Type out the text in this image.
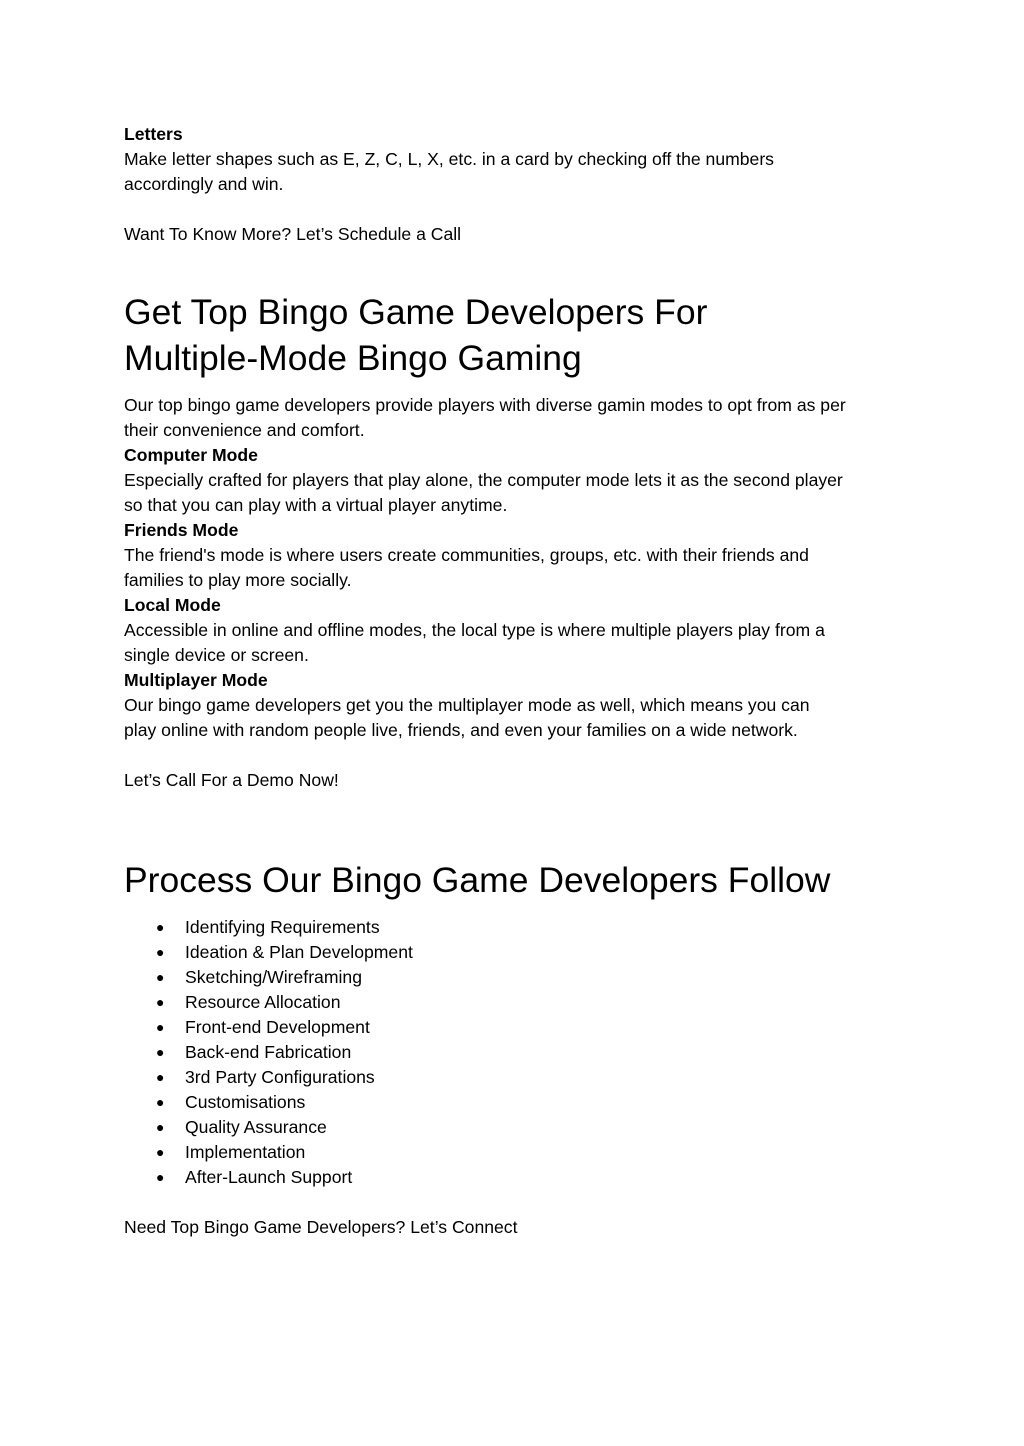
Letters

Make letter shapes such as E, Z, C, L, X, etc. in a card by checking off the numbers

accordingly and win.

Want To Know More? Let’s Schedule a Call

Get Top Bingo Game Developers For
Multiple-Mode Bingo Gaming

Our top bingo game developers provide players with diverse gamin modes to opt from as per

their convenience and comfort.

Computer Mode

Especially crafted for players that play alone, the computer mode lets it as the second player

so that you can play with a virtual player anytime.

Friends Mode

The friend's mode is where users create communities, groups, etc. with their friends and

families to play more socially.

Local Mode

Accessible in online and offline modes, the local type is where multiple players play from a

single device or screen.

Multiplayer Mode

Our bingo game developers get you the multiplayer mode as well, which means you can

play online with random people live, friends, and even your families on a wide network.

Let’s Call For a Demo Now!

Process Our Bingo Game Developers Follow
● Identifying Requirements
● Ideation & Plan Development
● Sketching/Wireframing
● Resource Allocation
● Front-end Development
● Back-end Fabrication
● 3rd Party Configurations
● Customisations
● Quality Assurance
● Implementation
● After-Launch Support

Need Top Bingo Game Developers? Let’s Connect
